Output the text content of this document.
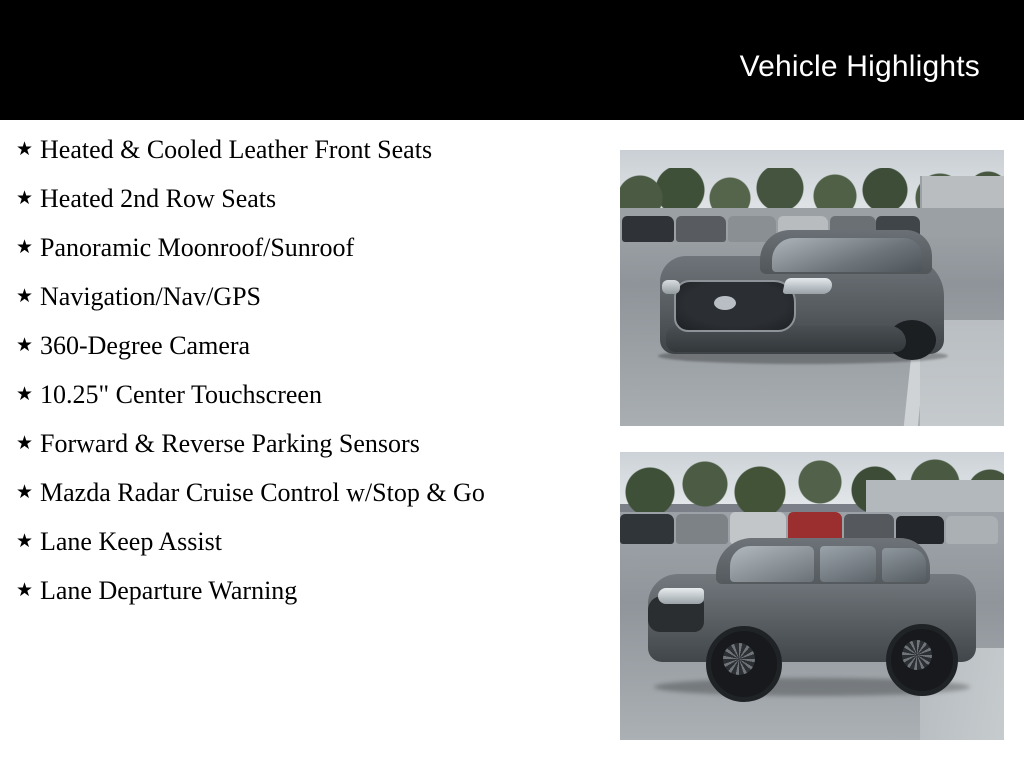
Vehicle Highlights
★ Heated & Cooled Leather Front Seats
★ Heated 2nd Row Seats
★ Panoramic Moonroof/Sunroof
★ Navigation/Nav/GPS
★ 360-Degree Camera
★ 10.25" Center Touchscreen
★ Forward & Reverse Parking Sensors
★ Mazda Radar Cruise Control w/Stop & Go
★ Lane Keep Assist
★ Lane Departure Warning
